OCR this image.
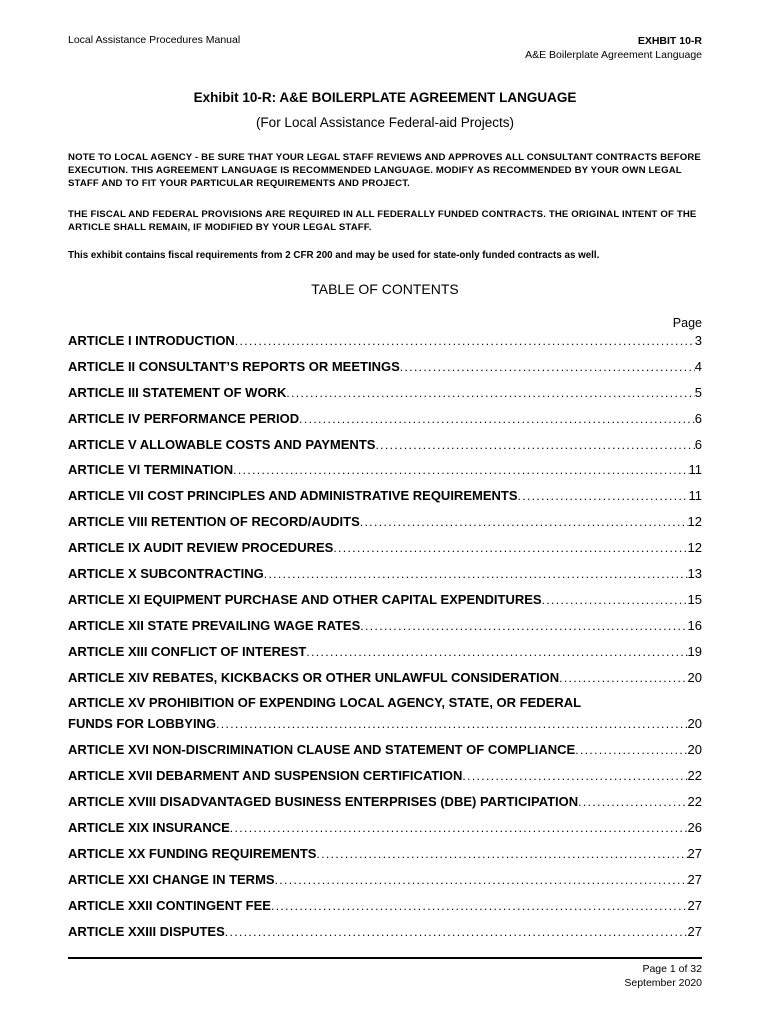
Local Assistance Procedures Manual	EXHBIT 10-R
A&E Boilerplate Agreement Language
Exhibit 10-R: A&E BOILERPLATE AGREEMENT LANGUAGE
(For Local Assistance Federal-aid Projects)
NOTE TO LOCAL AGENCY - BE SURE THAT YOUR LEGAL STAFF REVIEWS AND APPROVES ALL CONSULTANT CONTRACTS BEFORE EXECUTION. THIS AGREEMENT LANGUAGE IS RECOMMENDED LANGUAGE. MODIFY AS RECOMMENDED BY YOUR OWN LEGAL STAFF AND TO FIT YOUR PARTICULAR REQUIREMENTS AND PROJECT.
THE FISCAL AND FEDERAL PROVISIONS ARE REQUIRED IN ALL FEDERALLY FUNDED CONTRACTS. THE ORIGINAL INTENT OF THE ARTICLE SHALL REMAIN, IF MODIFIED BY YOUR LEGAL STAFF.
This exhibit contains fiscal requirements from 2 CFR 200 and may be used for state-only funded contracts as well.
TABLE OF CONTENTS
Page
ARTICLE I INTRODUCTION .....	3
ARTICLE II CONSULTANT’S REPORTS OR MEETINGS .....	4
ARTICLE III STATEMENT OF WORK .....	5
ARTICLE IV PERFORMANCE PERIOD .....	6
ARTICLE V ALLOWABLE COSTS AND PAYMENTS .....	6
ARTICLE VI TERMINATION .....	11
ARTICLE VII COST PRINCIPLES AND ADMINISTRATIVE REQUIREMENTS .....	11
ARTICLE VIII RETENTION OF RECORD/AUDITS .....	12
ARTICLE IX AUDIT REVIEW PROCEDURES .....	12
ARTICLE X SUBCONTRACTING .....	13
ARTICLE XI EQUIPMENT PURCHASE AND OTHER CAPITAL EXPENDITURES .....	15
ARTICLE XII STATE PREVAILING WAGE RATES .....	16
ARTICLE XIII CONFLICT OF INTEREST .....	19
ARTICLE XIV REBATES, KICKBACKS OR OTHER UNLAWFUL CONSIDERATION .....	20
ARTICLE XV PROHIBITION OF EXPENDING LOCAL AGENCY, STATE, OR FEDERAL
FUNDS FOR LOBBYING .....	20
ARTICLE XVI NON-DISCRIMINATION CLAUSE AND STATEMENT OF COMPLIANCE .....	20
ARTICLE XVII DEBARMENT AND SUSPENSION CERTIFICATION .....	22
ARTICLE XVIII DISADVANTAGED BUSINESS ENTERPRISES (DBE) PARTICIPATION .....	22
ARTICLE XIX INSURANCE .....	26
ARTICLE XX FUNDING REQUIREMENTS .....	27
ARTICLE XXI CHANGE IN TERMS .....	27
ARTICLE XXII CONTINGENT FEE .....	27
ARTICLE XXIII DISPUTES .....	27
Page 1 of 32
September 2020
